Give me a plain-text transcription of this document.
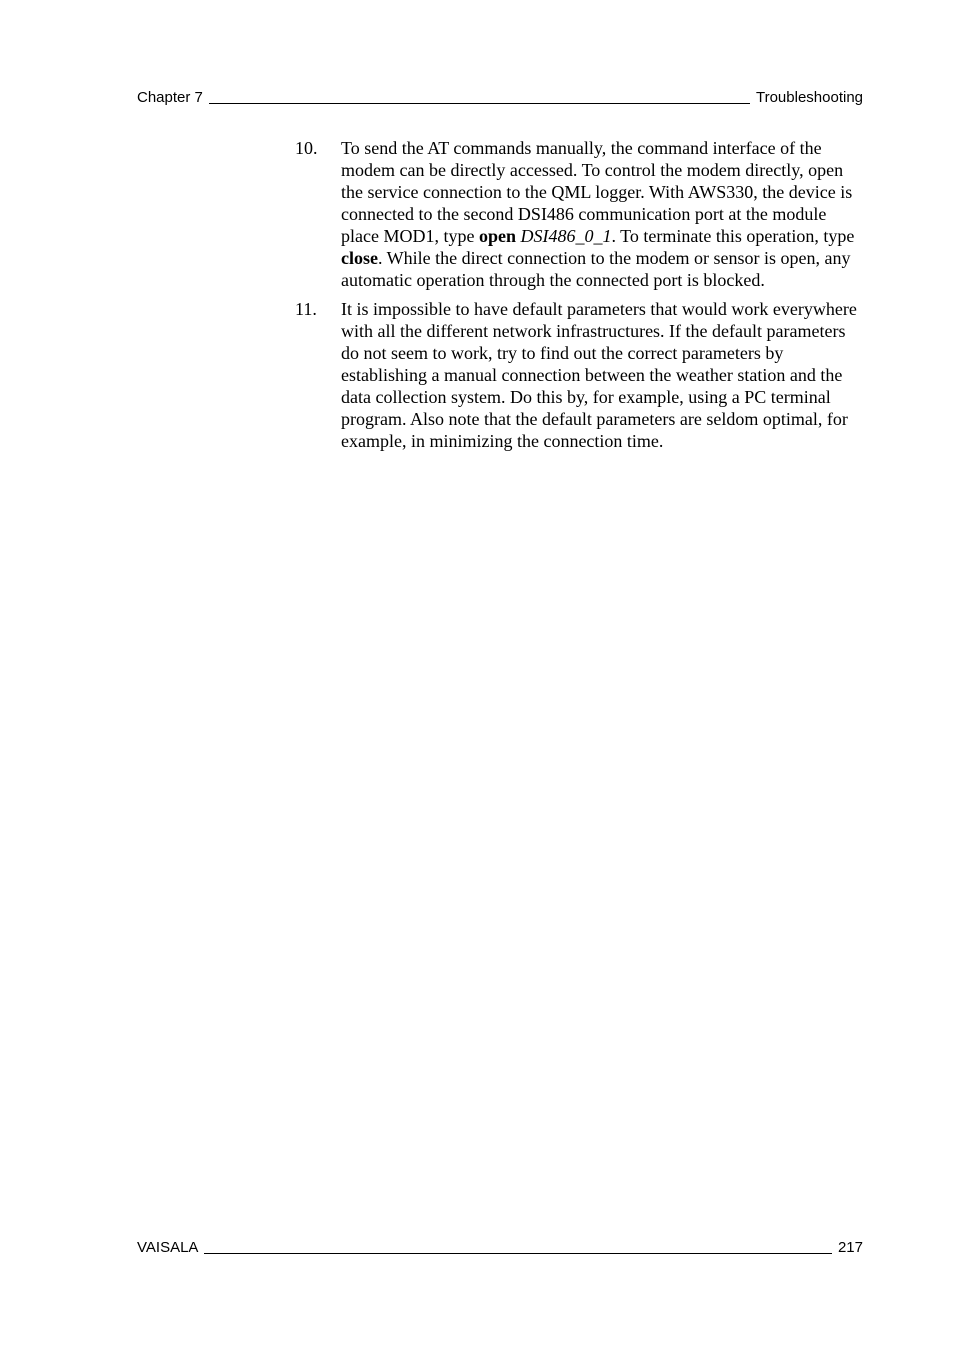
Chapter 7	Troubleshooting
10.	To send the AT commands manually, the command interface of the modem can be directly accessed. To control the modem directly, open the service connection to the QML logger. With AWS330, the device is connected to the second DSI486 communication port at the module place MOD1, type open DSI486_0_1. To terminate this operation, type close. While the direct connection to the modem or sensor is open, any automatic operation through the connected port is blocked.
11.	It is impossible to have default parameters that would work everywhere with all the different network infrastructures. If the default parameters do not seem to work, try to find out the correct parameters by establishing a manual connection between the weather station and the data collection system. Do this by, for example, using a PC terminal program. Also note that the default parameters are seldom optimal, for example, in minimizing the connection time.
VAISALA	217
